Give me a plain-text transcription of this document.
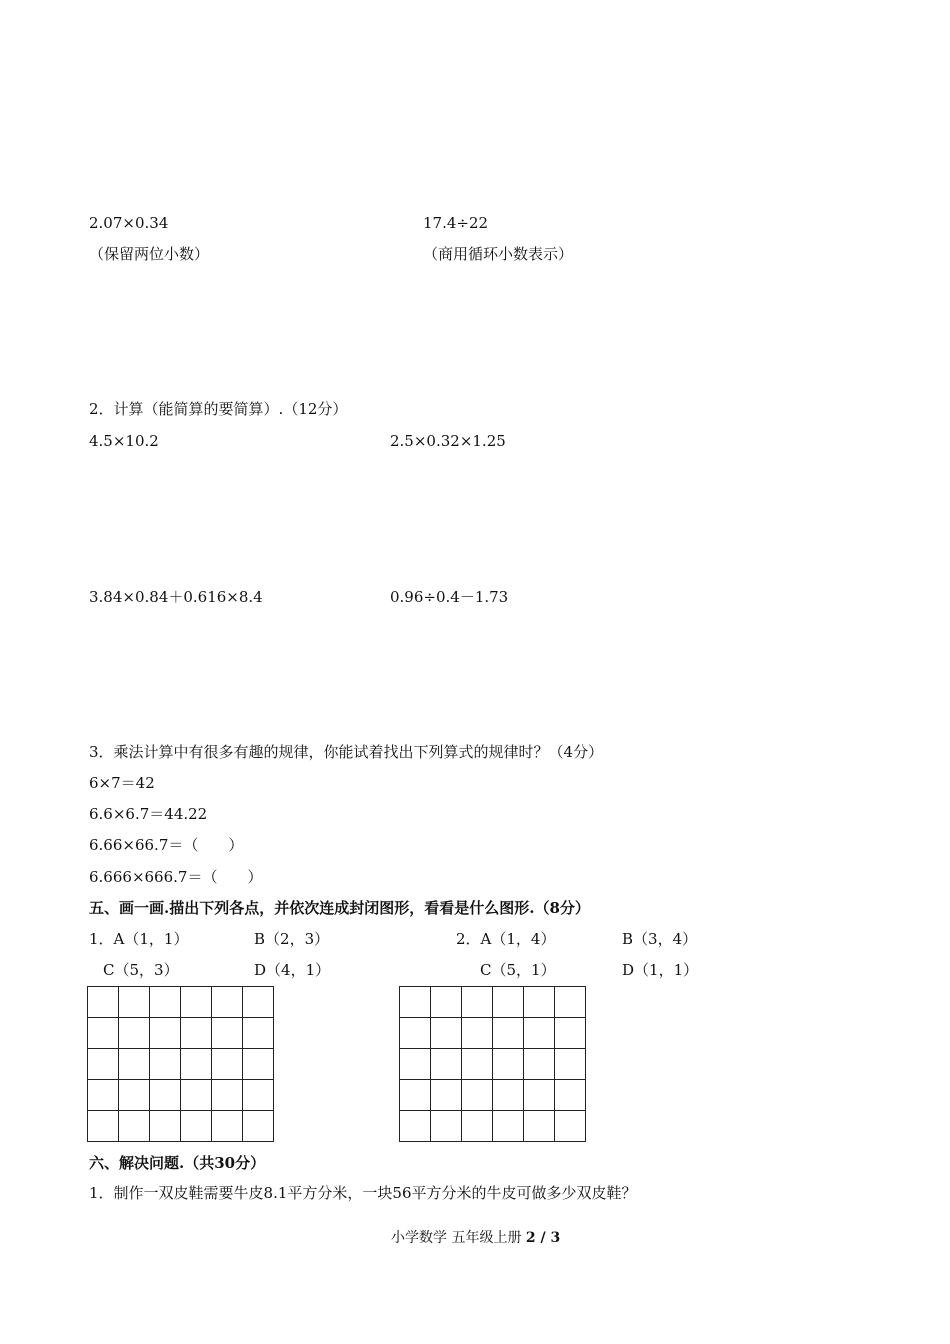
2.07×0.34
（保留两位小数）
17.4÷22
（商用循环小数表示）
2．计算（能简算的要简算）.（12分）
4.5×10.2	2.5×0.32×1.25
3.84×0.84＋0.616×8.4	0.96÷0.4－1.73
3．乘法计算中有很多有趣的规律，你能试着找出下列算式的规律时？（4分）
6×7＝42
6.6×6.7＝44.22
6.66×66.7＝（　　）
6.666×666.7＝（　　）
五、画一画.描出下列各点，并依次连成封闭图形，看看是什么图形.（8分）
1．A（1，1）	B（2，3）
C（5，3）	D（4，1）
2．A（1，4）	B（3，4）
C（5，1）	D（1，1）

六、解决问题.（共30分）
1．制作一双皮鞋需要牛皮8.1平方分米，一块56平方分米的牛皮可做多少双皮鞋？
小学数学 五年级上册 2 / 3
